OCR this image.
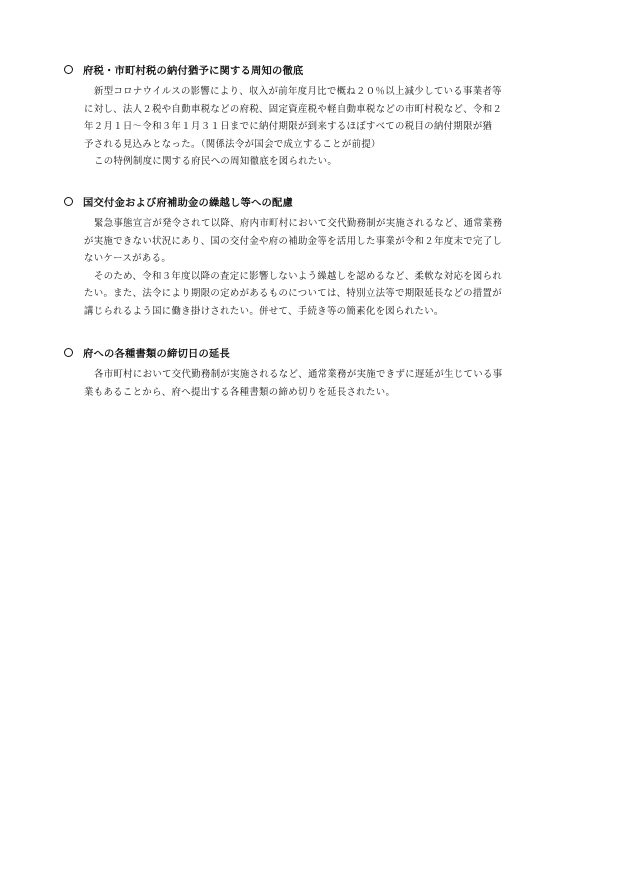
府税・市町村税の納付猶予に関する周知の徹底
新型コロナウイルスの影響により、収入が前年度月比で概ね２０％以上減少している事業者等
に対し、法人２税や自動車税などの府税、固定資産税や軽自動車税などの市町村税など、令和２
年２月１日～令和３年１月３１日までに納付期限が到来するほぼすべての税目の納付期限が猶
予される見込みとなった。（関係法令が国会で成立することが前提）
この特例制度に関する府民への周知徹底を図られたい。
国交付金および府補助金の繰越し等への配慮
緊急事態宣言が発令されて以降、府内市町村において交代勤務制が実施されるなど、通常業務
が実施できない状況にあり、国の交付金や府の補助金等を活用した事業が令和２年度末で完了し
ないケースがある。
そのため、令和３年度以降の査定に影響しないよう繰越しを認めるなど、柔軟な対応を図られ
たい。また、法令により期限の定めがあるものについては、特別立法等で期限延長などの措置が
講じられるよう国に働き掛けされたい。併せて、手続き等の簡素化を図られたい。
府への各種書類の締切日の延長
各市町村において交代勤務制が実施されるなど、通常業務が実施できずに遅延が生じている事
業もあることから、府へ提出する各種書類の締め切りを延長されたい。
